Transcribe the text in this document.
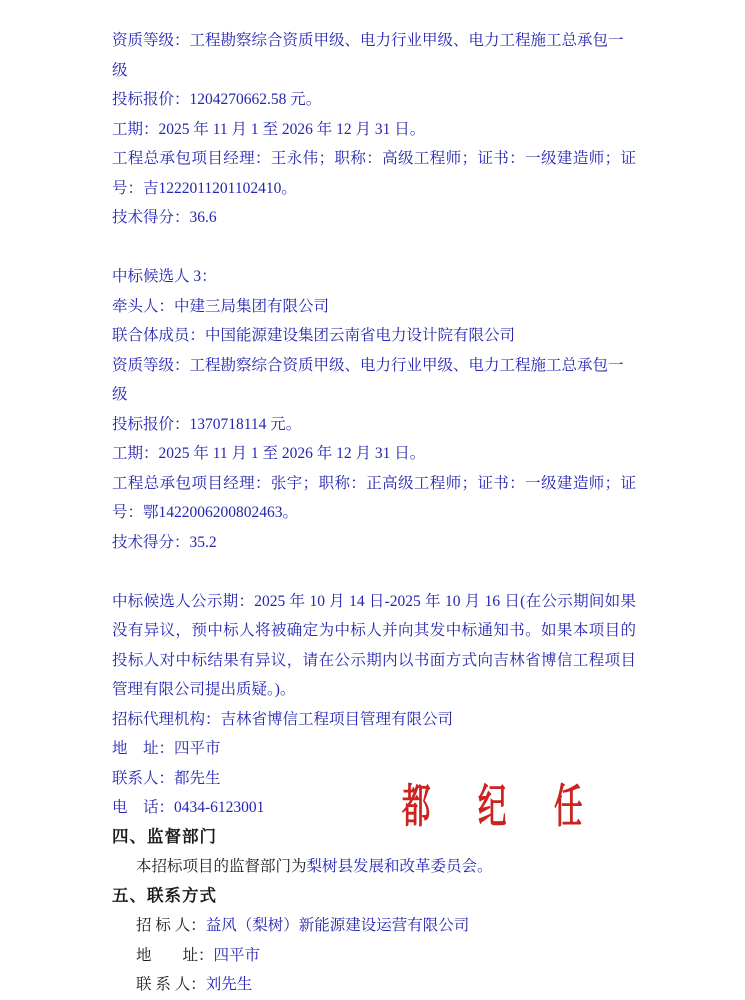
资质等级：工程勘察综合资质甲级、电力行业甲级、电力工程施工总承包一级

投标报价：1204270662.58 元。

工期：2025 年 11 月 1 至 2026 年 12 月 31 日。

工程总承包项目经理：王永伟；职称：高级工程师；证书：一级建造师；证号：吉1222011201102410。

技术得分：36.6

中标候选人 3：

牵头人：中建三局集团有限公司

联合体成员：中国能源建设集团云南省电力设计院有限公司

资质等级：工程勘察综合资质甲级、电力行业甲级、电力工程施工总承包一级

投标报价：1370718114 元。

工期：2025 年 11 月 1 至 2026 年 12 月 31 日。

工程总承包项目经理：张宇；职称：正高级工程师；证书：一级建造师；证号：鄂1422006200802463。

技术得分：35.2

中标候选人公示期：2025 年 10 月 14 日-2025 年 10 月 16 日(在公示期间如果没有异议，预中标人将被确定为中标人并向其发中标通知书。如果本项目的投标人对中标结果有异议，请在公示期内以书面方式向吉林省博信工程项目管理有限公司提出质疑。)。

招标代理机构：吉林省博信工程项目管理有限公司

地　址：四平市

联系人：都先生

电　话：0434-6123001

四、监督部门

本招标项目的监督部门为梨树县发展和改革委员会。

五、联系方式

招 标 人：益风（梨树）新能源建设运营有限公司

地　　址：四平市

联 系 人：刘先生

都 纪 任
